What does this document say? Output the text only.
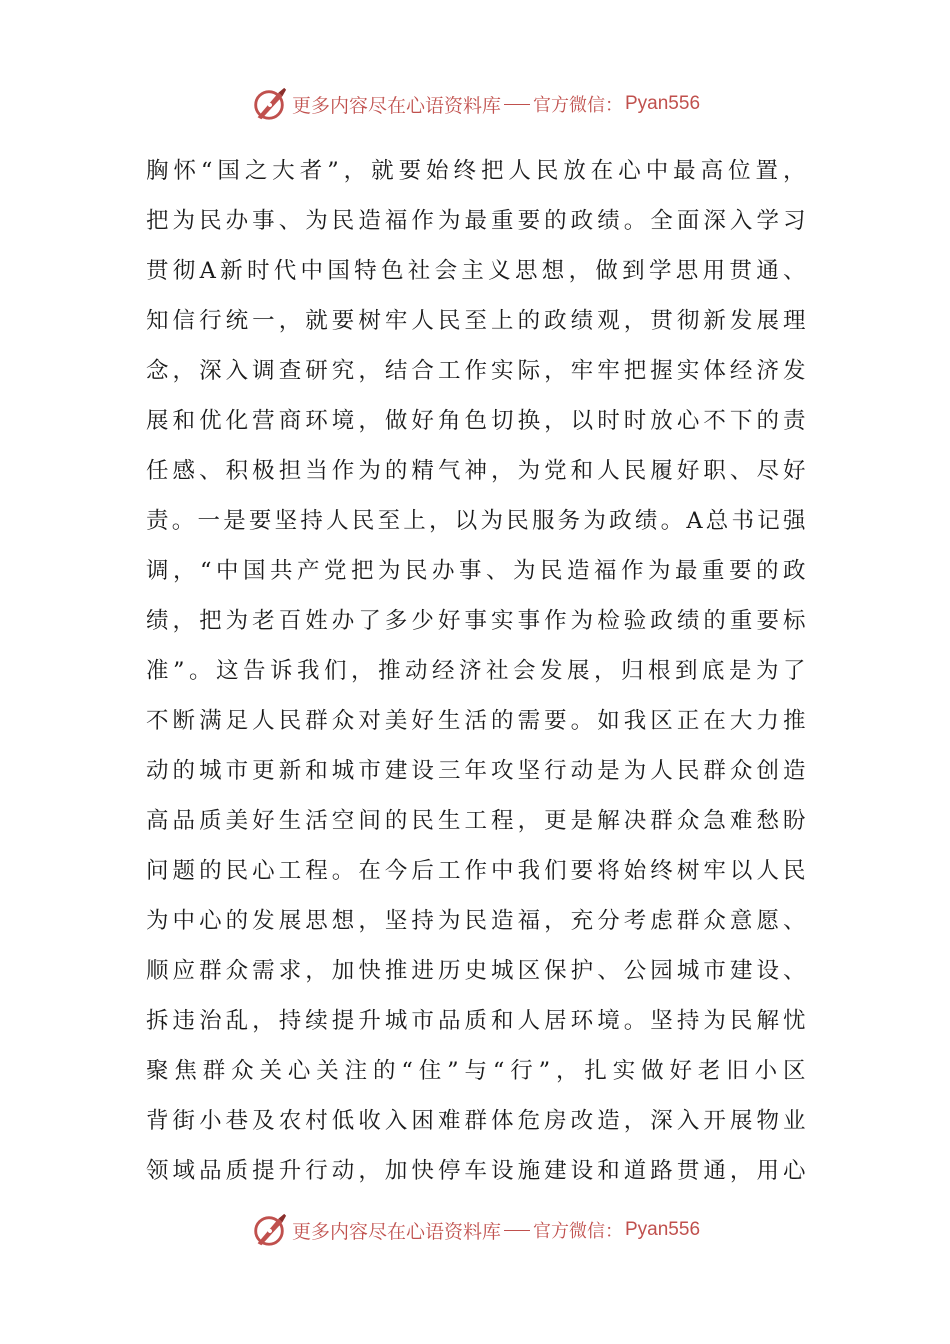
更多内容尽在心语资料库 官方微信： Pyan556
胸怀“国之大者”，就要始终把人民放在心中最高位置，
把为民办事、为民造福作为最重要的政绩。全面深入学习
贯彻A新时代中国特色社会主义思想，做到学思用贯通、
知信行统一，就要树牢人民至上的政绩观，贯彻新发展理
念，深入调查研究，结合工作实际，牢牢把握实体经济发
展和优化营商环境，做好角色切换，以时时放心不下的责
任感、积极担当作为的精气神，为党和人民履好职、尽好
责。一是要坚持人民至上，以为民服务为政绩。A总书记强
调，“中国共产党把为民办事、为民造福作为最重要的政
绩，把为老百姓办了多少好事实事作为检验政绩的重要标
准”。这告诉我们，推动经济社会发展，归根到底是为了
不断满足人民群众对美好生活的需要。如我区正在大力推
动的城市更新和城市建设三年攻坚行动是为人民群众创造
高品质美好生活空间的民生工程，更是解决群众急难愁盼
问题的民心工程。在今后工作中我们要将始终树牢以人民
为中心的发展思想，坚持为民造福，充分考虑群众意愿、
顺应群众需求，加快推进历史城区保护、公园城市建设、
拆违治乱，持续提升城市品质和人居环境。坚持为民解忧
聚焦群众关心关注的“住”与“行”，扎实做好老旧小区
背街小巷及农村低收入困难群体危房改造，深入开展物业
领域品质提升行动，加快停车设施建设和道路贯通，用心
更多内容尽在心语资料库 官方微信： Pyan556
